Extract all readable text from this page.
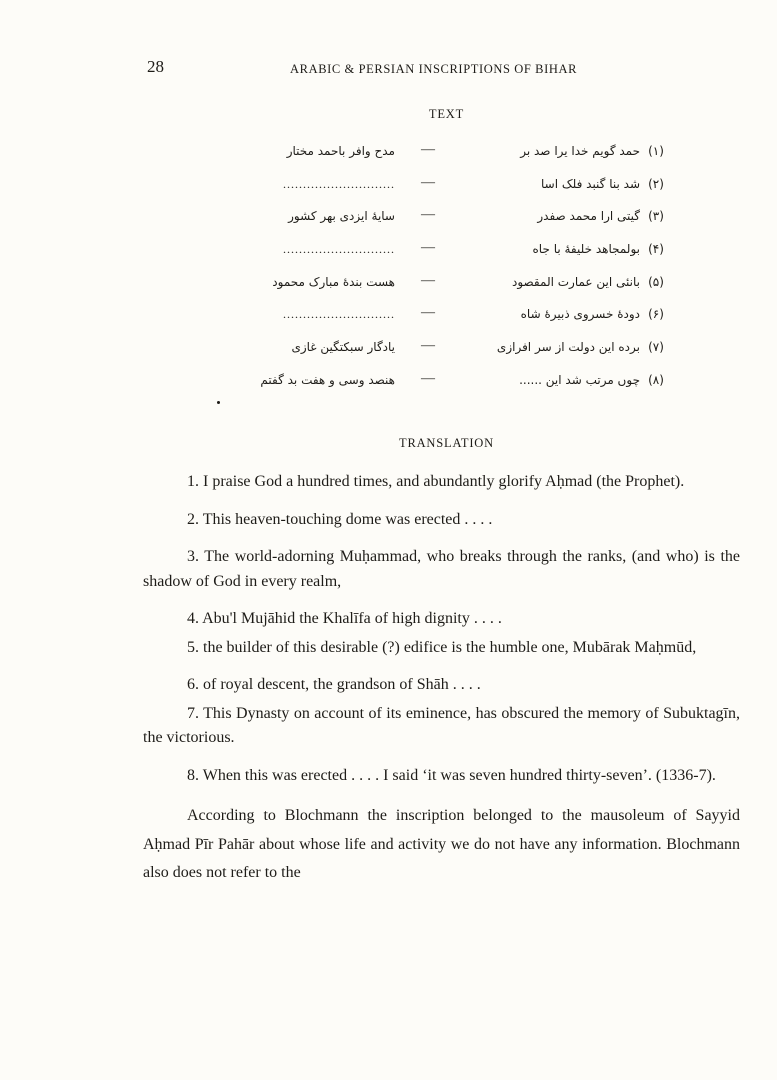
28	ARABIC & PERSIAN INSCRIPTIONS OF BIHAR
TEXT
(۱)
حمد گویم خدا یرا صد بر
—
مدح وافر باحمد مختار
(۲)
شد بنا گنبد فلک اسا
—
............................
(۳)
گیتی ارا محمد صفدر
—
سایهٔ ایزدی بهر کشور
(۴)
بولمجاهد خلیفهٔ با جاه
—
............................
(۵)
بانئی این عمارت المقصود
—
هست بندهٔ مبارک محمود
(۶)
دودهٔ خسروی ذبیرهٔ شاه
—
............................
(۷)
برده این دولت از سر افرازی
—
یادگار سبکتگین غازی
(۸)
چوں مرتب شد این ......
—
هنصد وسی و هفت بد گفتم
TRANSLATION

1. I praise God a hundred times, and abundantly glorify Aḥmad (the Prophet).

2. This heaven-touching dome was erected . . . .

3. The world-adorning Muḥammad, who breaks through the ranks, (and who) is the shadow of God in every realm,

4. Abu'l Mujāhid the Khalīfa of high dignity . . . .

5. the builder of this desirable (?) edifice is the humble one, Mubārak Maḥmūd,

6. of royal descent, the grandson of Shāh . . . .

7. This Dynasty on account of its eminence, has obscured the memory of Subuktagīn, the victorious.

8. When this was erected . . . . I said ‘it was seven hundred thirty-seven’. (1336-7).

According to Blochmann the inscription belonged to the mausoleum of Sayyid Aḥmad Pīr Pahār about whose life and activity we do not have any information. Blochmann also does not refer to the
